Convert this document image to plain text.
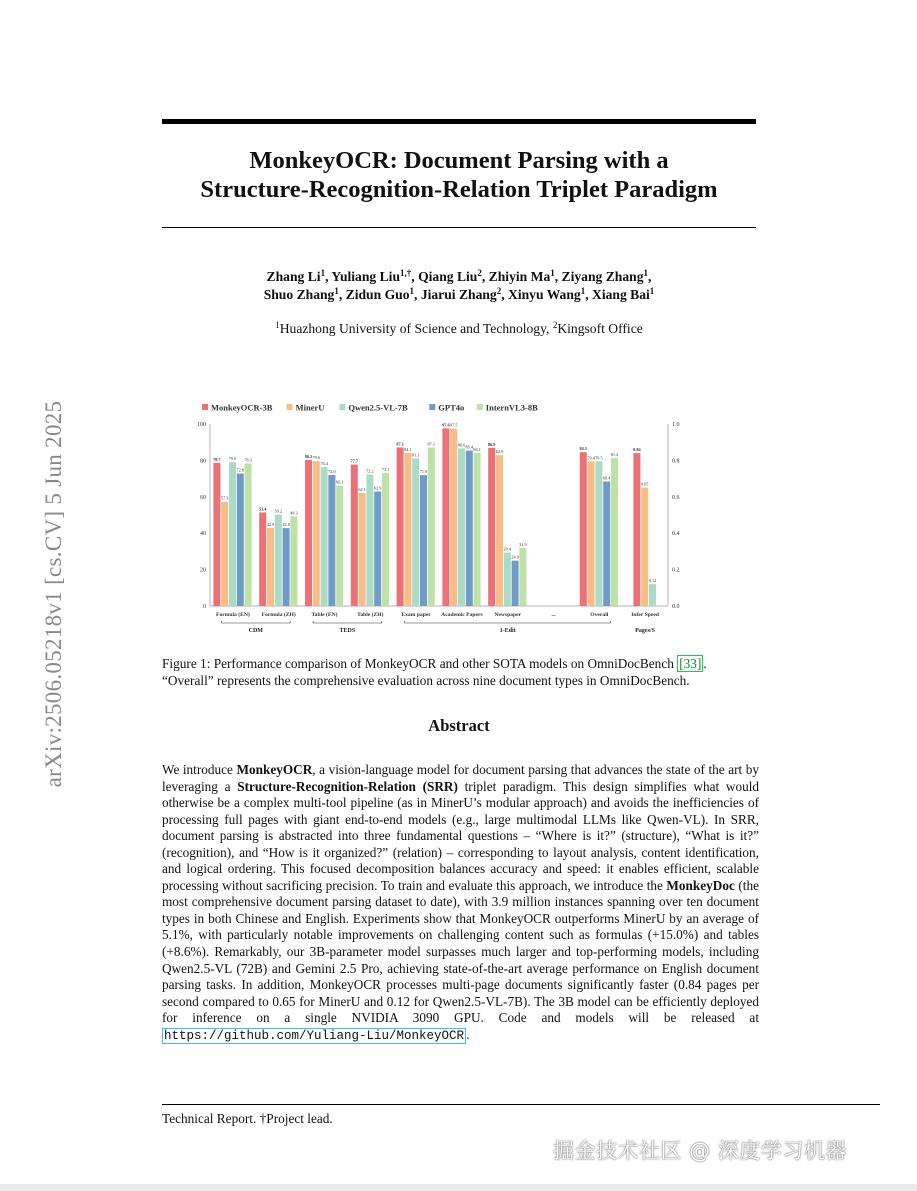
arXiv:2506.05218v1 [cs.CV] 5 Jun 2025
MonkeyOCR: Document Parsing with a
Structure-Recognition-Relation Triplet Paradigm
Zhang Li$^1$, Yuliang Liu$^{1,\dagger}$, Qiang Liu$^2$, Zhiyin Ma$^1$, Ziyang Zhang$^1$,
Shuo Zhang$^1$, Zidun Guo$^1$, Jiarui Zhang$^2$, Xinyu Wang$^1$, Xiang Bai$^1$
$^1$Huazhong University of Science and Technology, $^2$Kingsoft Office
MonkeyOCR-3B	MinerU	Qwen2.5-VL-7B	GPT4o	InternVL3-8B
0
20
40
60
80
100
0.0
0.2
0.4
0.6
0.8
1.0
78.7
57.3
79.0
72.8
78.3
Formula (EN)
51.4
42.9
50.2
42.8
49.3
Formula (ZH)
80.2 79.6
76.4
72.0
66.1
Table (EN)
77.7
62.1
72.2
62.9
73.1
Table (ZH)
87.1
84.1
81.1
71.9
87.1
Exam paper
97.6 97.5
86.6 85.4 84.1
Academic Papers
86.9
82.9
29.4
24.9
31.9
Newspaper	...
84.5
79.4 79.5
68.4
81.2
Overall
0.84
0.65
0.12
Infer Speed
CDM	TEDS	1-Edit	Pages/S
Figure 1: Performance comparison of MonkeyOCR and other SOTA models on OmniDocBench [33] . “Overall” represents the comprehensive evaluation across nine document types in OmniDocBench.
Abstract
We introduce MonkeyOCR, a vision-language model for document parsing that advances the state of the art by leveraging a Structure-Recognition-Relation (SRR) triplet paradigm. This design simplifies what would otherwise be a complex multi-tool pipeline (as in MinerU’s modular approach) and avoids the inefficiencies of processing full pages with giant end-to-end models (e.g., large multimodal LLMs like Qwen-VL). In SRR, document parsing is abstracted into three fundamental questions – “Where is it?” (structure), “What is it?” (recognition), and “How is it organized?” (relation) – corresponding to layout analysis, content identification, and logical ordering. This focused decomposition balances accuracy and speed: it enables efficient, scalable processing without sacrificing precision. To train and evaluate this approach, we introduce the MonkeyDoc (the most comprehensive document parsing dataset to date), with 3.9 million instances spanning over ten document types in both Chinese and English. Experiments show that MonkeyOCR outperforms MinerU by an average of 5.1%, with particularly notable improvements on challenging content such as formulas (+15.0%) and tables (+8.6%). Remarkably, our 3B-parameter model surpasses much larger and top-performing models, including Qwen2.5-VL (72B) and Gemini 2.5 Pro, achieving state-of-the-art average performance on English document parsing tasks. In addition, MonkeyOCR processes multi-page documents significantly faster (0.84 pages per second compared to 0.65 for MinerU and 0.12 for Qwen2.5-VL-7B). The 3B model can be efficiently deployed for inference on a single NVIDIA 3090 GPU. Code and models will be released at https://github.com/Yuliang-Liu/MonkeyOCR .
Technical Report. †Project lead.
掘金技术社区 @ 深度学习机器
